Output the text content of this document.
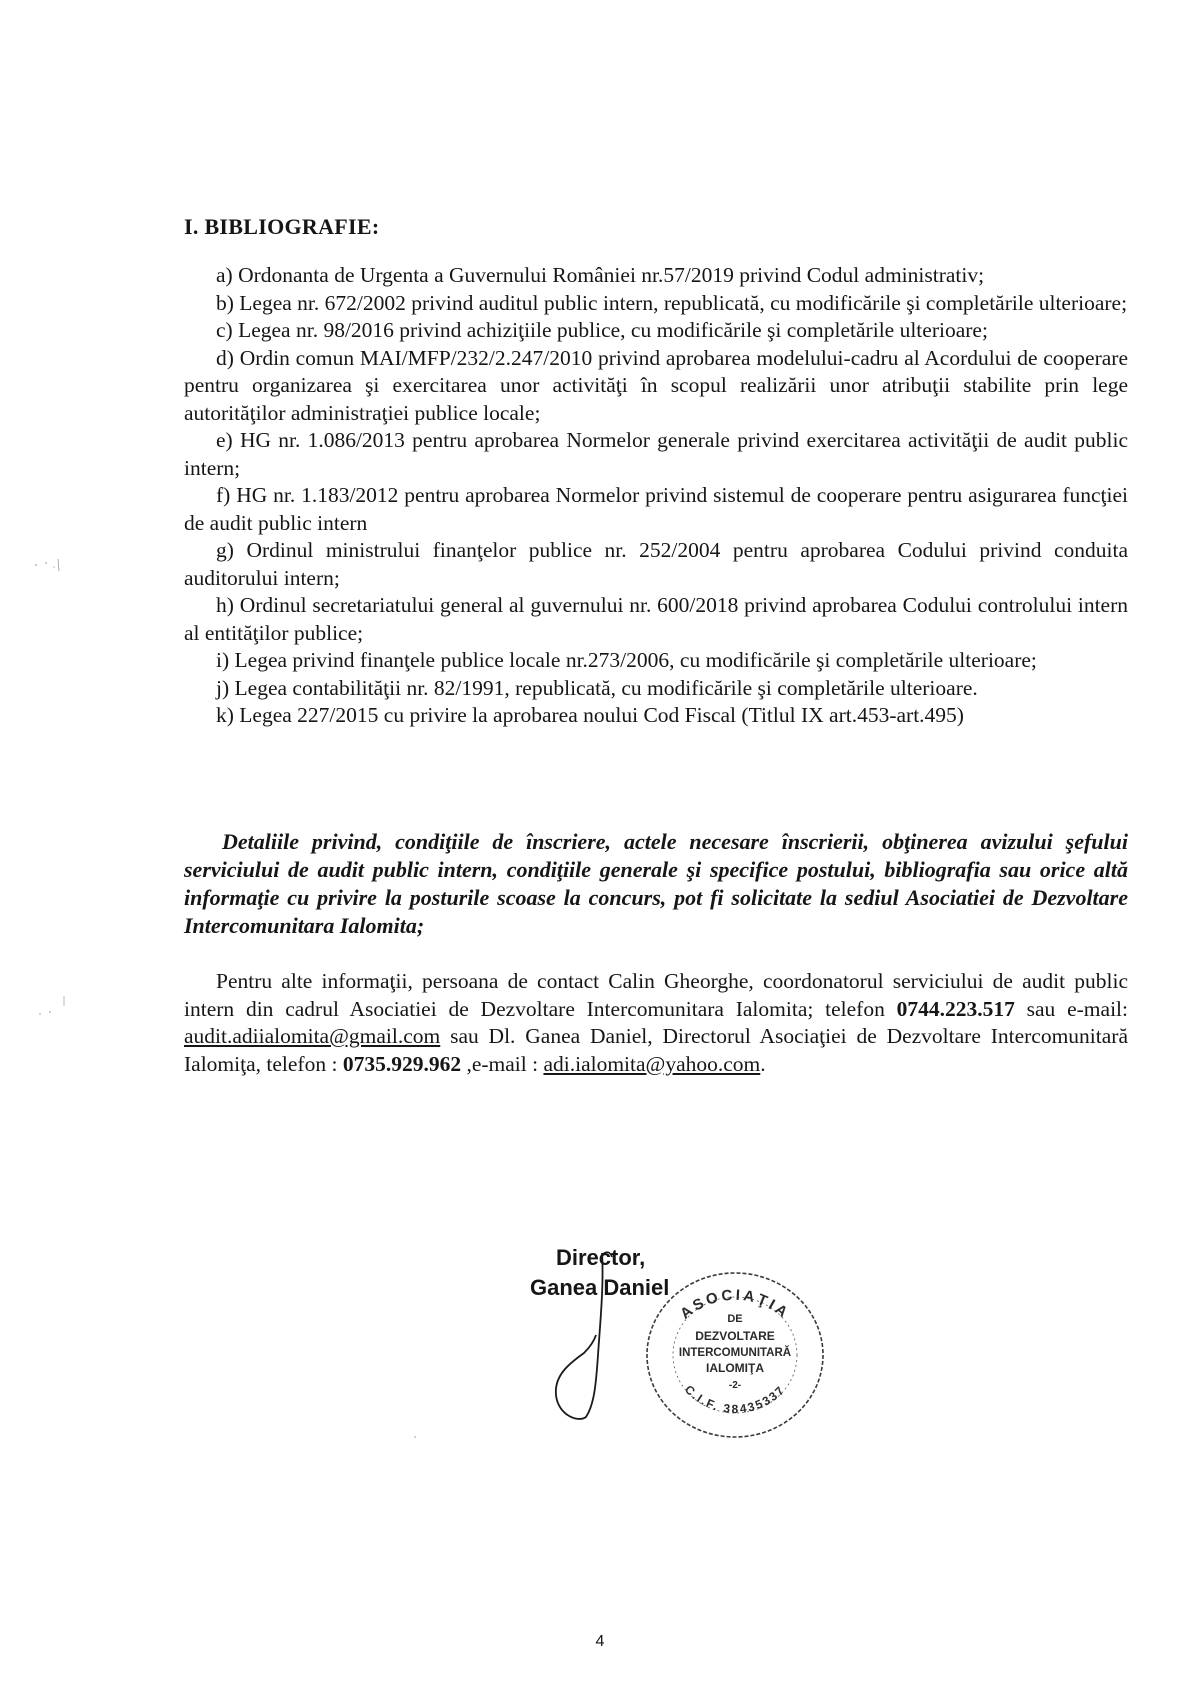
I. BIBLIOGRAFIE:

a) Ordonanta de Urgenta a Guvernului României nr.57/2019 privind Codul administrativ;

b) Legea nr. 672/2002 privind auditul public intern, republicată, cu modificările şi completările ulterioare;

c) Legea nr. 98/2016 privind achiziţiile publice, cu modificările şi completările ulterioare;

d) Ordin comun MAI/MFP/232/2.247/2010 privind aprobarea modelului-cadru al Acordului de cooperare pentru organizarea şi exercitarea unor activităţi în scopul realizării unor atribuţii stabilite prin lege autorităţilor administraţiei publice locale;

e) HG nr. 1.086/2013 pentru aprobarea Normelor generale privind exercitarea activităţii de audit public intern;

f) HG nr. 1.183/2012 pentru aprobarea Normelor privind sistemul de cooperare pentru asigurarea funcţiei de audit public intern

g) Ordinul ministrului finanţelor publice nr. 252/2004 pentru aprobarea Codului privind conduita auditorului intern;

h) Ordinul secretariatului general al guvernului nr. 600/2018 privind aprobarea Codului controlului intern al entităţilor publice;

i) Legea privind finanţele publice locale nr.273/2006, cu modificările şi completările ulterioare;

j) Legea contabilităţii nr. 82/1991, republicată, cu modificările şi completările ulterioare.

k) Legea 227/2015 cu privire la aprobarea noului Cod Fiscal (Titlul IX art.453-art.495)

Detaliile privind, condiţiile de înscriere, actele necesare înscrierii, obţinerea avizului şefului serviciului de audit public intern, condiţiile generale şi specifice postului, bibliografia sau orice altă informaţie cu privire la posturile scoase la concurs, pot fi solicitate la sediul Asociatiei de Dezvoltare Intercomunitara Ialomita;
Pentru alte informaţii, persoana de contact Calin Gheorghe, coordonatorul serviciului de audit public intern din cadrul Asociatiei de Dezvoltare Intercomunitara Ialomita; telefon 0744.223.517 sau e-mail: audit.adiialomita@gmail.com sau Dl. Ganea Daniel, Directorul Asociaţiei de Dezvoltare Intercomunitară Ialomiţa, telefon : 0735.929.962 ,e-mail : adi.ialomita@yahoo.com.
Director,
Ganea Daniel
ASOCIAŢIA
DE
DEZVOLTARE
INTERCOMUNITARĂ
IALOMIŢA
-2-
C.I.F. 38435337
4
